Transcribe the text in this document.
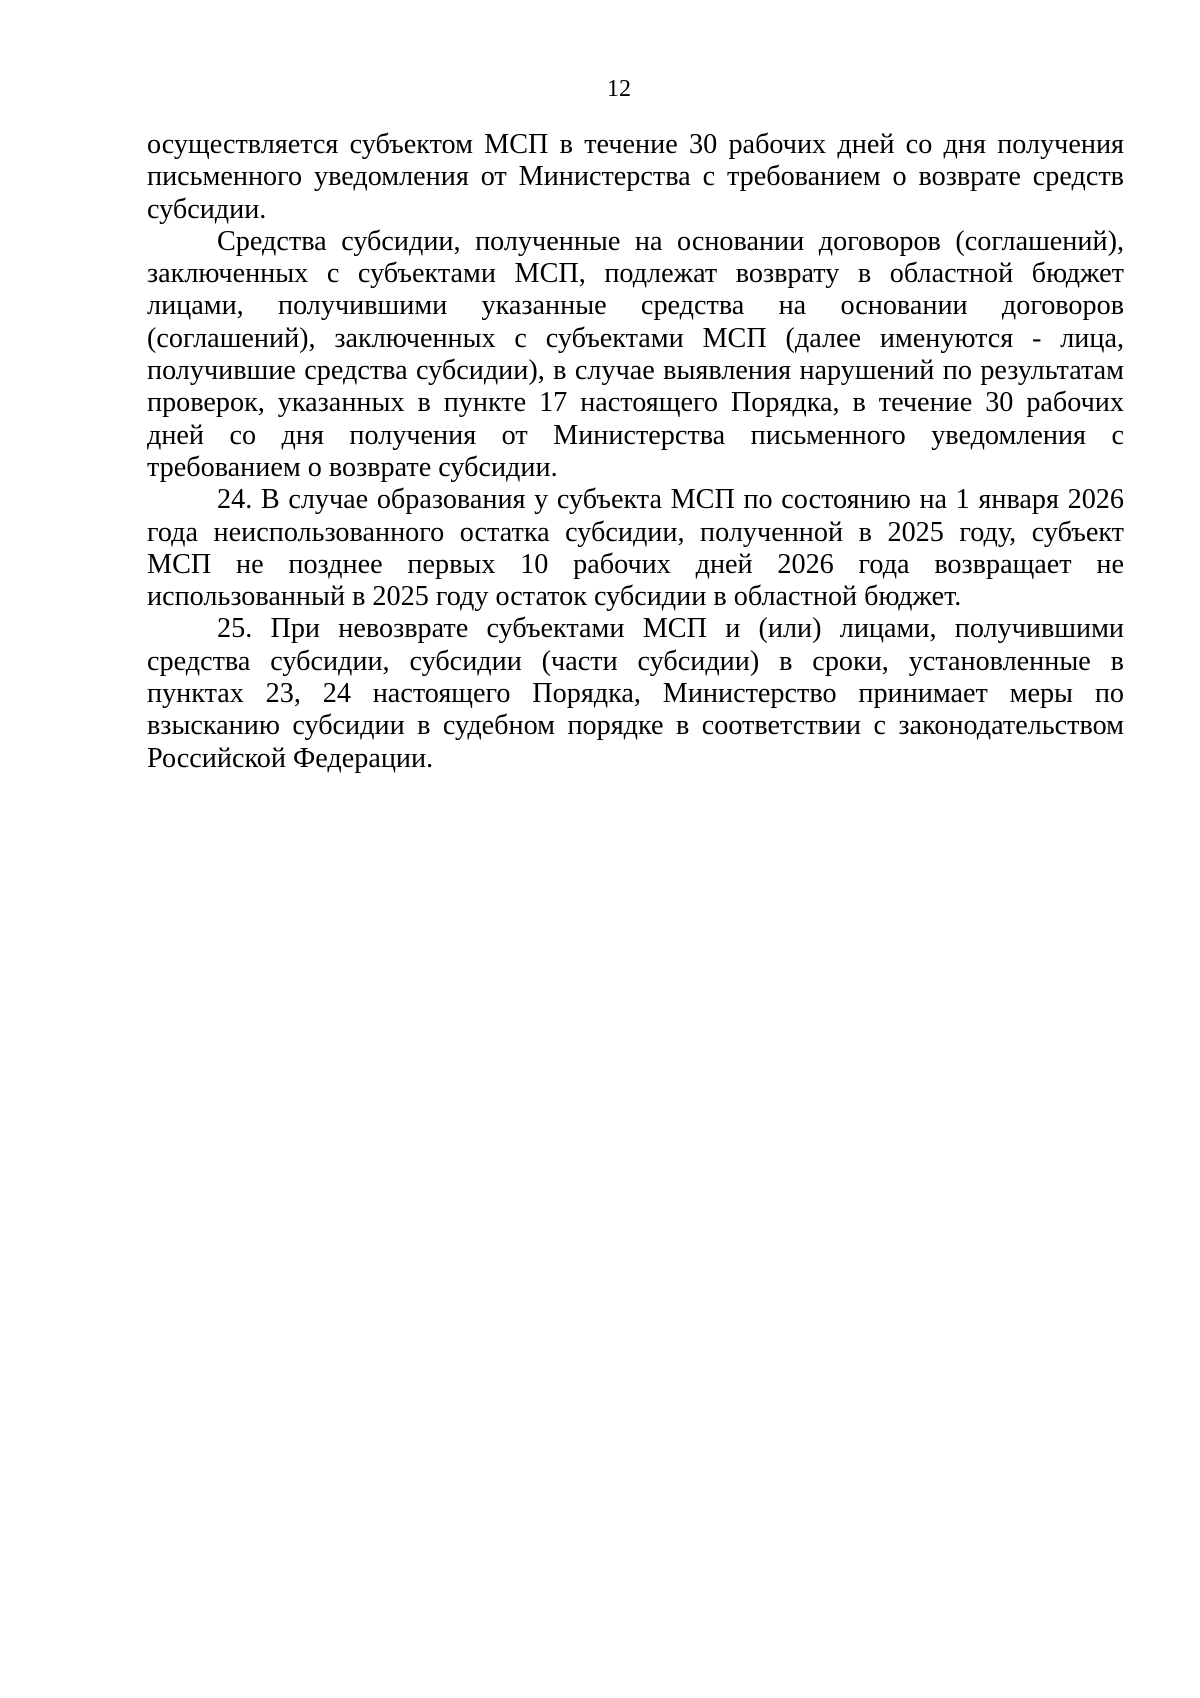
12

осуществляется субъектом МСП в течение 30 рабочих дней со дня получения письменного уведомления от Министерства с требованием о возврате средств субсидии.

Средства субсидии, полученные на основании договоров (соглашений), заключенных с субъектами МСП, подлежат возврату в областной бюджет лицами, получившими указанные средства на основании договоров (соглашений), заключенных с субъектами МСП (далее именуются - лица, получившие средства субсидии), в случае выявления нарушений по результатам проверок, указанных в пункте 17 настоящего Порядка, в течение 30 рабочих дней со дня получения от Министерства письменного уведомления с требованием о возврате субсидии.

24. В случае образования у субъекта МСП по состоянию на 1 января 2026 года неиспользованного остатка субсидии, полученной в 2025 году, субъект МСП не позднее первых 10 рабочих дней 2026 года возвращает не использованный в 2025 году остаток субсидии в областной бюджет.

25. При невозврате субъектами МСП и (или) лицами, получившими средства субсидии, субсидии (части субсидии) в сроки, установленные в пунктах 23, 24 настоящего Порядка, Министерство принимает меры по взысканию субсидии в судебном порядке в соответствии с законодательством Российской Федерации.
